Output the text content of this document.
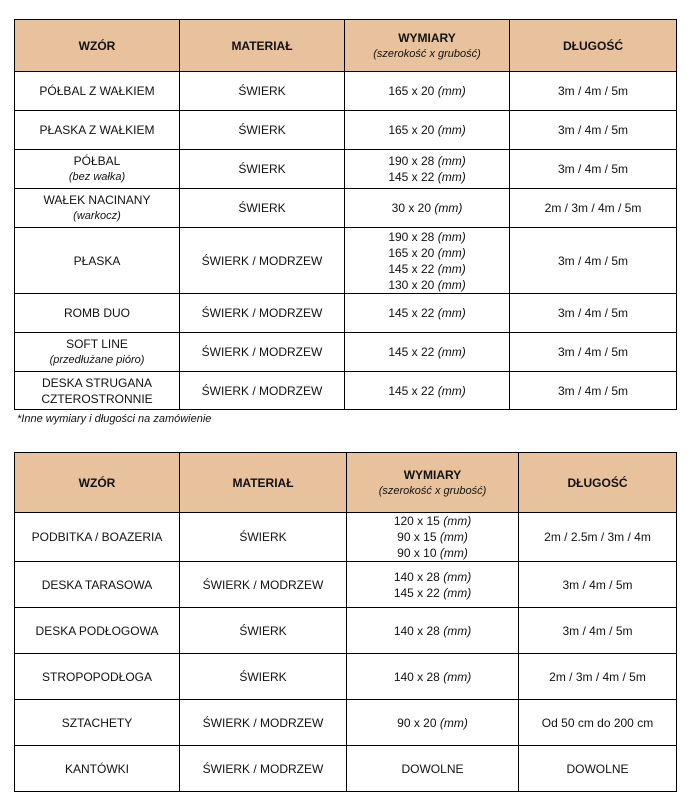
WZÓR	MATERIAŁ	WYMIARY
(szerokość x grubość)	DŁUGOŚĆ

PÓŁBAL Z WAŁKIEM	ŚWIERK	165 x 20 (mm)	3m / 4m / 5m

PŁASKA Z WAŁKIEM	ŚWIERK	165 x 20 (mm)	3m / 4m / 5m

PÓŁBAL
(bez wałka)	ŚWIERK	190 x 28 (mm)
145 x 22 (mm)	3m / 4m / 5m

WAŁEK NACINANY
(warkocz)	ŚWIERK	30 x 20 (mm)	2m / 3m / 4m / 5m

PŁASKA	ŚWIERK / MODRZEW	190 x 28 (mm)
165 x 20 (mm)
145 x 22 (mm)
130 x 20 (mm)	3m / 4m / 5m

ROMB DUO	ŚWIERK / MODRZEW	145 x 22 (mm)	3m / 4m / 5m

SOFT LINE
(przedłużane pióro)	ŚWIERK / MODRZEW	145 x 22 (mm)	3m / 4m / 5m

DESKA STRUGANA CZTEROSTRONNIE	ŚWIERK / MODRZEW	145 x 22 (mm)	3m / 4m / 5m
*Inne wymiary i długości na zamówienie
WZÓR	MATERIAŁ	WYMIARY
(szerokość x grubość)	DŁUGOŚĆ

PODBITKA / BOAZERIA	ŚWIERK	120 x 15 (mm)
90 x 15 (mm)
90 x 10 (mm)	2m / 2.5m / 3m / 4m

DESKA TARASOWA	ŚWIERK / MODRZEW	140 x 28 (mm)
145 x 22 (mm)	3m / 4m / 5m

DESKA PODŁOGOWA	ŚWIERK	140 x 28 (mm)	3m / 4m / 5m

STROPOPODŁOGA	ŚWIERK	140 x 28 (mm)	2m / 3m / 4m / 5m

SZTACHETY	ŚWIERK / MODRZEW	90 x 20 (mm)	Od 50 cm do 200 cm

KANTÓWKI	ŚWIERK / MODRZEW	DOWOLNE	DOWOLNE
